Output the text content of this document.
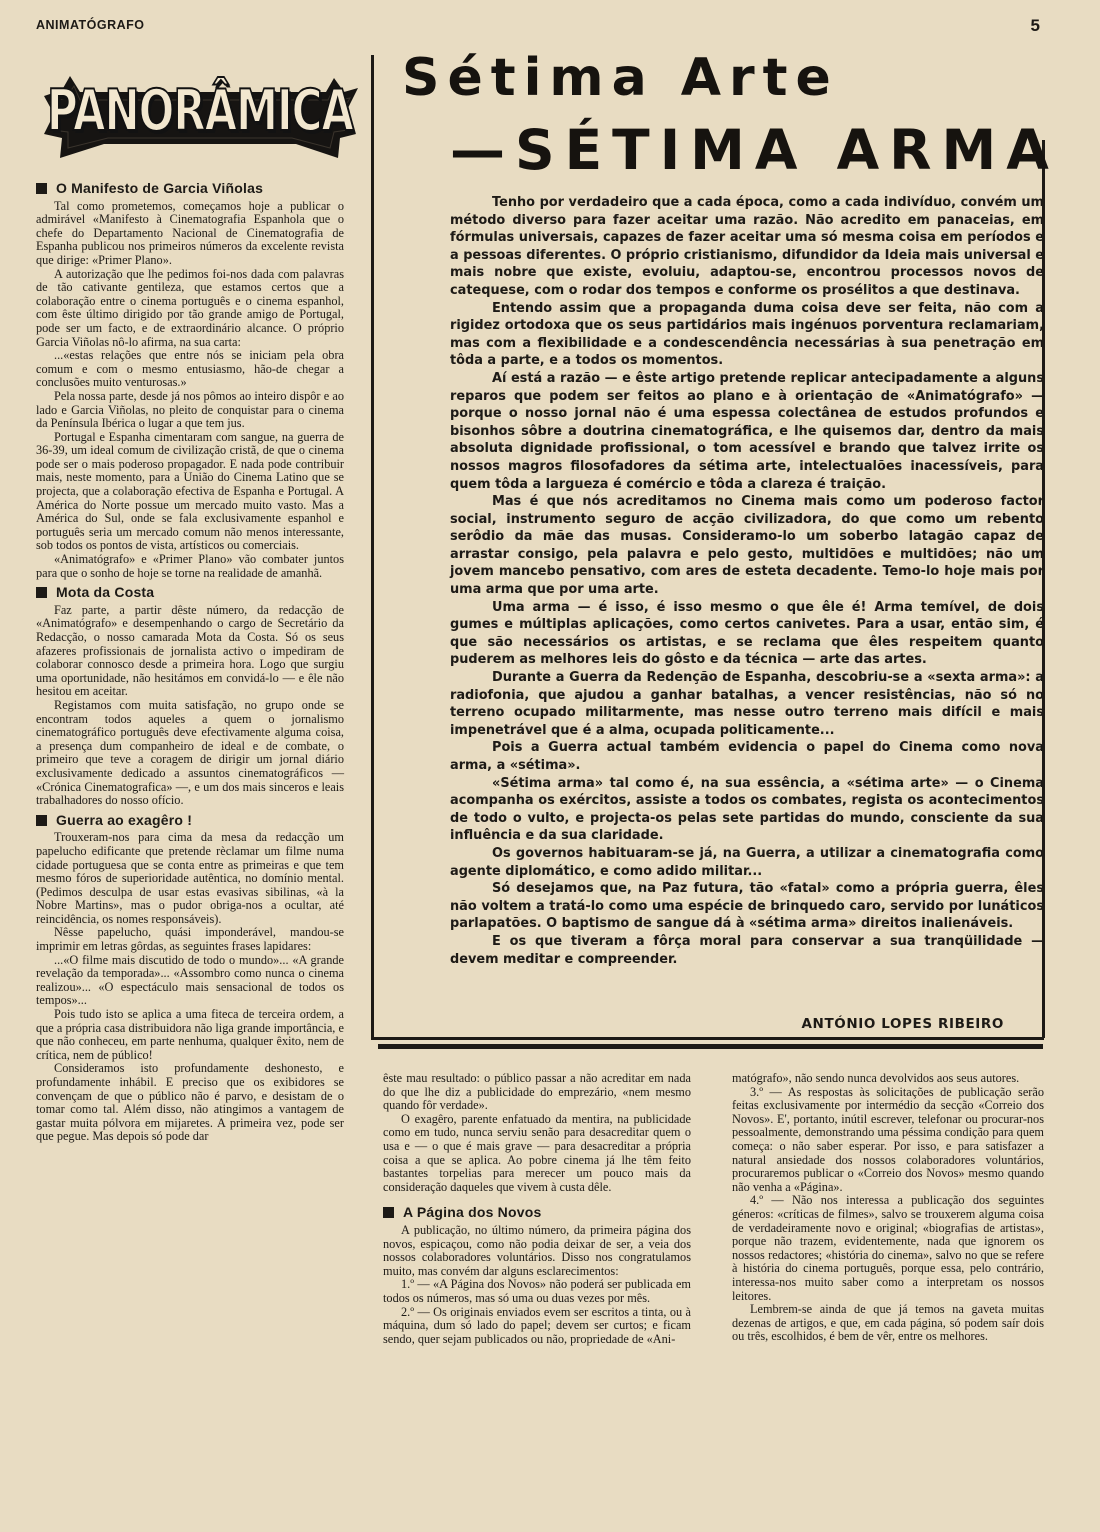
ANIMATÓGRAFO	5
PANORÂMICA
O Manifesto de Garcia Viñolas

Tal como prometemos, começamos hoje a publicar o admirável «Manifesto à Cinematografia Espanhola que o chefe do Departamento Nacional de Cinematografia de Espanha publicou nos primeiros números da excelente revista que dirige: «Primer Plano».

A autorização que lhe pedimos foi-nos dada com palavras de tão cativante gentileza, que estamos certos que a colaboração entre o cinema português e o cinema espanhol, com êste último dirigido por tão grande amigo de Portugal, pode ser um facto, e de extraordinário alcance. O próprio Garcia Viñolas nô-lo afirma, na sua carta:

...«estas relações que entre nós se iniciam pela obra comum e com o mesmo entusiasmo, hão-de chegar a conclusões muito venturosas.»

Pela nossa parte, desde já nos pômos ao inteiro dispôr e ao lado e Garcia Viñolas, no pleito de conquistar para o cinema da Península Ibérica o lugar a que tem jus.

Portugal e Espanha cimentaram com sangue, na guerra de 36-39, um ideal comum de civilização cristã, de que o cinema pode ser o mais poderoso propagador. E nada pode contribuir mais, neste momento, para a União do Cinema Latino que se projecta, que a colaboração efectiva de Espanha e Portugal. A América do Norte possue um mercado muito vasto. Mas a América do Sul, onde se fala exclusivamente espanhol e português seria um mercado comum não menos interessante, sob todos os pontos de vista, artísticos ou comerciais.

«Animatógrafo» e «Primer Plano» vão combater juntos para que o sonho de hoje se torne na realidade de amanhã.

Mota da Costa

Faz parte, a partir dêste número, da redacção de «Animatógrafo» e desempenhando o cargo de Secretário da Redacção, o nosso camarada Mota da Costa. Só os seus afazeres profissionais de jornalista activo o impediram de colaborar connosco desde a primeira hora. Logo que surgiu uma oportunidade, não hesitámos em convidá-lo — e êle não hesitou em aceitar.

Registamos com muita satisfação, no grupo onde se encontram todos aqueles a quem o jornalismo cinematográfico português deve efectivamente alguma coisa, a presença dum companheiro de ideal e de combate, o primeiro que teve a coragem de dirigir um jornal diário exclusivamente dedicado a assuntos cinematográficos — «Crónica Cinematografica» —, e um dos mais sinceros e leais trabalhadores do nosso ofício.

Guerra ao exagêro !

Trouxeram-nos para cima da mesa da redacção um papelucho edificante que pretende rèclamar um filme numa cidade portuguesa que se conta entre as primeiras e que tem mesmo fóros de superioridade autêntica, no domínio mental. (Pedimos desculpa de usar estas evasivas sibilinas, «à la Nobre Martins», mas o pudor obriga-nos a ocultar, até reincidência, os nomes responsáveis).

Nêsse papelucho, quási imponderável, mandou-se imprimir em letras gôrdas, as seguintes frases lapidares:

...«O filme mais discutido de todo o mundo»... «A grande revelação da temporada»... «Assombro como nunca o cinema realizou»... «O espectáculo mais sensacional de todos os tempos»...

Pois tudo isto se aplica a uma fiteca de terceira ordem, a que a própria casa distribuidora não liga grande importância, e que não conheceu, em parte nenhuma, qualquer êxito, nem de crítica, nem de público!

Consideramos isto profundamente deshonesto, e profundamente inhábil. E preciso que os exibidores se convençam de que o público não é parvo, e desistam de o tomar como tal. Além disso, não atingimos a vantagem de gastar muita pólvora em mijaretes. A primeira vez, pode ser que pegue. Mas depois só pode dar

Sétima Arte
—SÉTIMA ARMA

Tenho por verdadeiro que a cada época, como a cada indivíduo, convém um método diverso para fazer aceitar uma razão. Não acredito em panaceias, em fórmulas universais, capazes de fazer aceitar uma só mesma coisa em períodos e a pessoas diferentes. O próprio cristianismo, difundidor da Ideia mais universal e mais nobre que existe, evoluiu, adaptou-se, encontrou processos novos de catequese, com o rodar dos tempos e conforme os prosélitos a que destinava.

Entendo assim que a propaganda duma coisa deve ser feita, não com a rigidez ortodoxa que os seus partidários mais ingénuos porventura reclamariam, mas com a flexibilidade e a condescendência necessárias à sua penetração em tôda a parte, e a todos os momentos.

Aí está a razão — e êste artigo pretende replicar antecipadamente a alguns reparos que podem ser feitos ao plano e à orientação de «Animatógrafo» — porque o nosso jornal não é uma espessa colectânea de estudos profundos e bisonhos sôbre a doutrina cinematográfica, e lhe quisemos dar, dentro da mais absoluta dignidade profissional, o tom acessível e brando que talvez irrite os nossos magros filosofadores da sétima arte, intelectualões inacessíveis, para quem tôda a largueza é comércio e tôda a clareza é traição.

Mas é que nós acreditamos no Cinema mais como um poderoso factor social, instrumento seguro de acção civilizadora, do que como um rebento serôdio da mãe das musas. Consideramo-lo um soberbo latagão capaz de arrastar consigo, pela palavra e pelo gesto, multidões e multidões; não um jovem mancebo pensativo, com ares de esteta decadente. Temo-lo hoje mais por uma arma que por uma arte.

Uma arma — é isso, é isso mesmo o que êle é! Arma temível, de dois gumes e múltiplas aplicações, como certos canivetes. Para a usar, então sim, é que são necessários os artistas, e se reclama que êles respeitem quanto puderem as melhores leis do gôsto e da técnica — arte das artes.

Durante a Guerra da Redenção de Espanha, descobriu-se a «sexta arma»: a radiofonia, que ajudou a ganhar batalhas, a vencer resistências, não só no terreno ocupado militarmente, mas nesse outro terreno mais difícil e mais impenetrável que é a alma, ocupada politicamente...

Pois a Guerra actual também evidencia o papel do Cinema como nova arma, a «sétima».

«Sétima arma» tal como é, na sua essência, a «sétima arte» — o Cinema acompanha os exércitos, assiste a todos os combates, regista os acontecimentos de todo o vulto, e projecta-os pelas sete partidas do mundo, consciente da sua influência e da sua claridade.

Os governos habituaram-se já, na Guerra, a utilizar a cinematografia como agente diplomático, e como adido militar...

Só desejamos que, na Paz futura, tão «fatal» como a própria guerra, êles não voltem a tratá-lo como uma espécie de brinquedo caro, servido por lunáticos parlapatões. O baptismo de sangue dá à «sétima arma» direitos inalienáveis.

E os que tiveram a fôrça moral para conservar a sua tranqüilidade — devem meditar e compreender.

ANTÓNIO LOPES RIBEIRO

êste mau resultado: o público passar a não acreditar em nada do que lhe diz a publicidade do emprezário, «nem mesmo quando fôr verdade».

O exagêro, parente enfatuado da mentira, na publicidade como em tudo, nunca serviu senão para desacreditar quem o usa e — o que é mais grave — para desacreditar a própria coisa a que se aplica. Ao pobre cinema já lhe têm feito bastantes torpelias para merecer um pouco mais da consideração daqueles que vivem à custa dêle.

A Página dos Novos

A publicação, no último número, da primeira página dos novos, espicaçou, como não podia deixar de ser, a veia dos nossos colaboradores voluntários. Disso nos congratulamos muito, mas convém dar alguns esclarecimentos:

1.º — «A Página dos Novos» não poderá ser publicada em todos os números, mas só uma ou duas vezes por mês.

2.º — Os originais enviados evem ser escritos a tinta, ou à máquina, dum só lado do papel; devem ser curtos; e ficam sendo, quer sejam publicados ou não, propriedade de «Ani-

matógrafo», não sendo nunca devolvidos aos seus autores.

3.º — As respostas às solicitações de publicação serão feitas exclusivamente por intermédio da secção «Correio dos Novos». E', portanto, inútil escrever, telefonar ou procurar-nos pessoalmente, demonstrando uma péssima condição para quem começa: o não saber esperar. Por isso, e para satisfazer a natural ansiedade dos nossos colaboradores voluntários, procuraremos publicar o «Correio dos Novos» mesmo quando não venha a «Página».

4.º — Não nos interessa a publicação dos seguintes géneros: «críticas de filmes», salvo se trouxerem alguma coisa de verdadeiramente novo e original; «biografias de artistas», porque não trazem, evidentemente, nada que ignorem os nossos redactores; «história do cinema», salvo no que se refere à história do cinema português, porque essa, pelo contrário, interessa-nos muito saber como a interpretam os nossos leitores.

Lembrem-se ainda de que já temos na gaveta muitas dezenas de artigos, e que, em cada página, só podem saír dois ou três, escolhidos, é bem de vêr, entre os melhores.
